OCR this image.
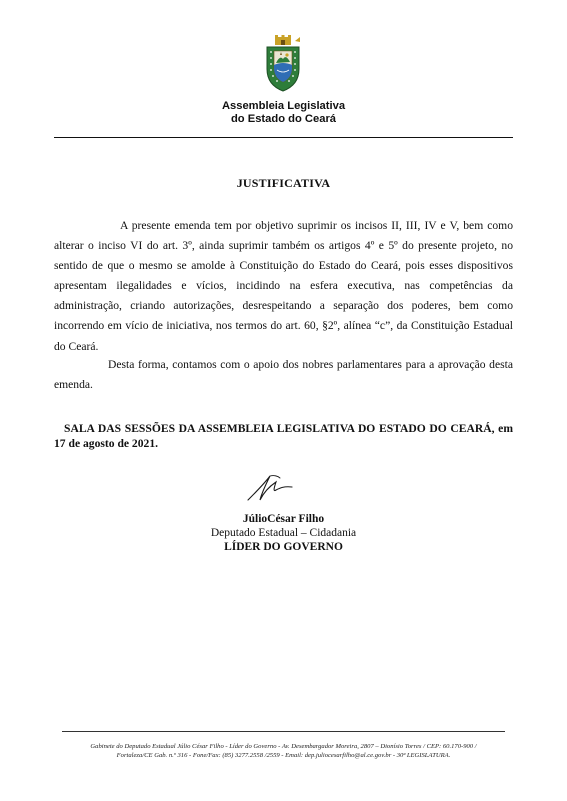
Assembleia Legislativa
do Estado do Ceará
JUSTIFICATIVA
A presente emenda tem por objetivo suprimir os incisos II, III, IV e V, bem como alterar o inciso VI do art. 3º, ainda suprimir também os artigos 4º e 5º do presente projeto, no sentido de que o mesmo se amolde à Constituição do Estado do Ceará, pois esses dispositivos apresentam ilegalidades e vícios, incidindo na esfera executiva, nas competências da administração, criando autorizações, desrespeitando a separação dos poderes, bem como incorrendo em vício de iniciativa, nos termos do art. 60, §2º, alínea “c”, da Constituição Estadual do Ceará.
Desta forma, contamos com o apoio dos nobres parlamentares para a aprovação desta emenda.
SALA DAS SESSÕES DA ASSEMBLEIA LEGISLATIVA DO ESTADO DO CEARÁ, em 17 de agosto de 2021.
JúlioCésar Filho
Deputado Estadual – Cidadania
LÍDER DO GOVERNO
Gabinete do Deputado Estadual Júlio César Filho - Líder do Governo - Av. Desembargador Moreira, 2807 – Dionísio Torres / CEP: 60.170-900 /
Fortaleza/CE Gab. n.º 316 - Fone/Fax: (85) 3277.2558 /2559 - Email: dep.juliocesarfilho@al.ce.gov.br - 30ª LEGISLATURA.
